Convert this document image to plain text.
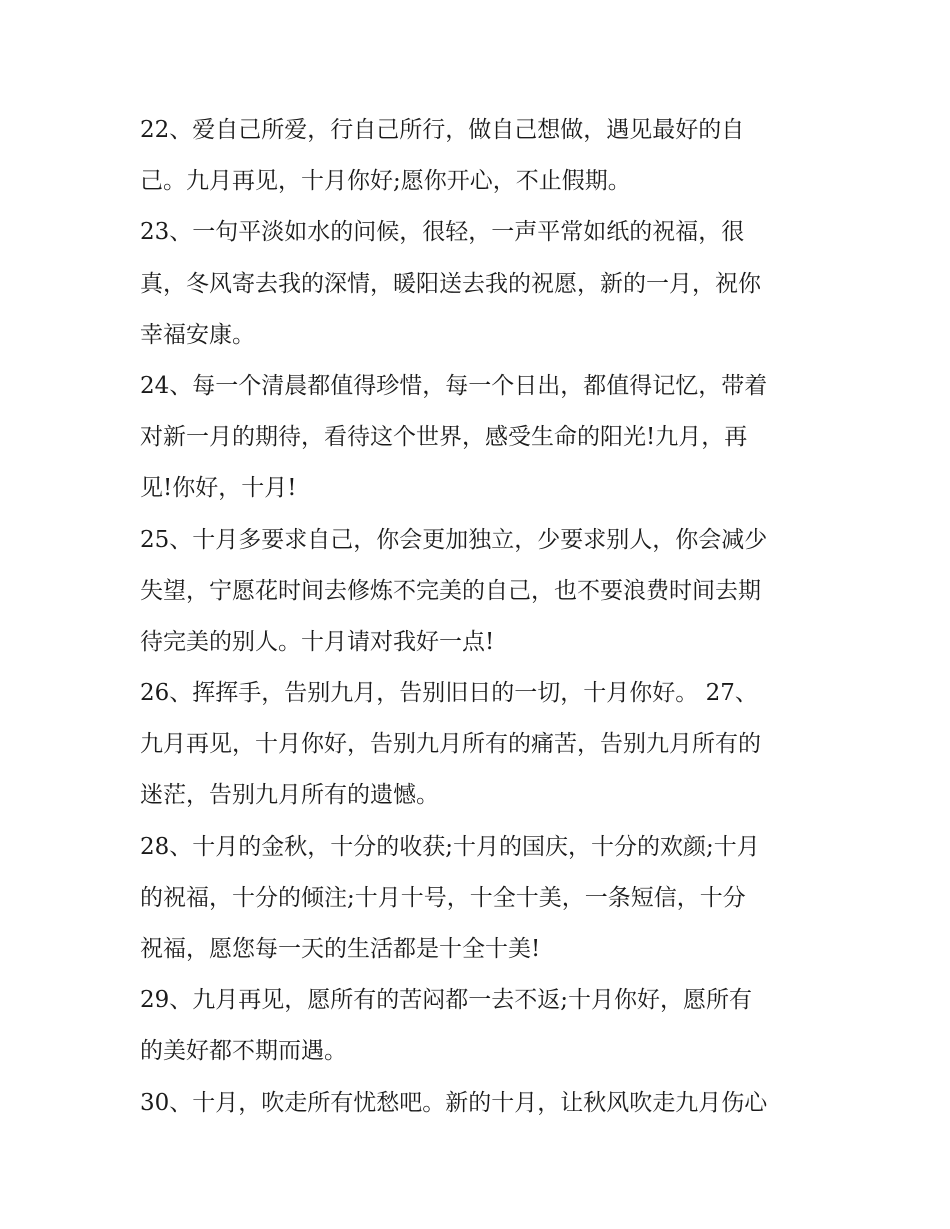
22、爱自己所爱，行自己所行，做自己想做，遇见最好的自
己。九月再见，十月你好;愿你开心，不止假期。
23、一句平淡如水的问候，很轻，一声平常如纸的祝福，很
真，冬风寄去我的深情，暖阳送去我的祝愿，新的一月，祝你
幸福安康。
24、每一个清晨都值得珍惜，每一个日出，都值得记忆，带着
对新一月的期待，看待这个世界，感受生命的阳光!九月，再
见!你好，十月!
25、十月多要求自己，你会更加独立，少要求别人，你会减少
失望，宁愿花时间去修炼不完美的自己，也不要浪费时间去期
待完美的别人。十月请对我好一点!
26、挥挥手，告别九月，告别旧日的一切，十月你好。 27、
九月再见，十月你好，告别九月所有的痛苦，告别九月所有的
迷茫，告别九月所有的遗憾。
28、十月的金秋，十分的收获;十月的国庆，十分的欢颜;十月
的祝福，十分的倾注;十月十号，十全十美，一条短信，十分
祝福，愿您每一天的生活都是十全十美!
29、九月再见，愿所有的苦闷都一去不返;十月你好，愿所有
的美好都不期而遇。
30、十月，吹走所有忧愁吧。新的十月，让秋风吹走九月伤心
